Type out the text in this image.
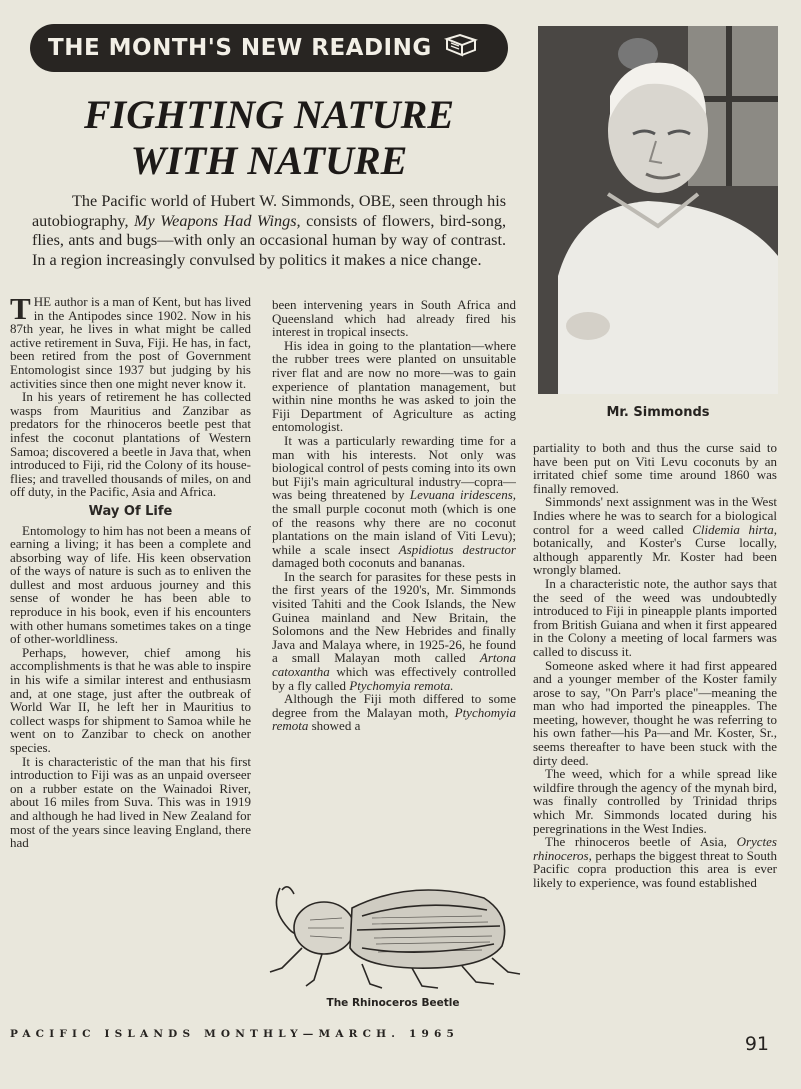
THE MONTH'S NEW READING
FIGHTING NATURE
WITH NATURE
The Pacific world of Hubert W. Simmonds, OBE, seen through his autobiography, My Weapons Had Wings, consists of flowers, bird-song, flies, ants and bugs—with only an occasional human by way of contrast. In a region increasingly convulsed by politics it makes a nice change.

THE author is a man of Kent, but has lived in the Antipodes since 1902. Now in his 87th year, he lives in what might be called active retirement in Suva, Fiji. He has, in fact, been retired from the post of Government Entomologist since 1937 but judging by his activities since then one might never know it.

In his years of retirement he has collected wasps from Mauritius and Zanzibar as predators for the rhinoceros beetle pest that infest the coconut plantations of Western Samoa; discovered a beetle in Java that, when introduced to Fiji, rid the Colony of its house-flies; and travelled thousands of miles, on and off duty, in the Pacific, Asia and Africa.

Way Of Life

Entomology to him has not been a means of earning a living; it has been a complete and absorbing way of life. His keen observation of the ways of nature is such as to enliven the dullest and most arduous journey and this sense of wonder he has been able to reproduce in his book, even if his encounters with other humans sometimes takes on a tinge of other-worldliness.

Perhaps, however, chief among his accomplishments is that he was able to inspire in his wife a similar interest and enthusiasm and, at one stage, just after the outbreak of World War II, he left her in Mauritius to collect wasps for shipment to Samoa while he went on to Zanzibar to check on another species.

It is characteristic of the man that his first introduction to Fiji was as an unpaid overseer on a rubber estate on the Wainadoi River, about 16 miles from Suva. This was in 1919 and although he had lived in New Zealand for most of the years since leaving England, there had

been intervening years in South Africa and Queensland which had already fired his interest in tropical insects.

His idea in going to the plantation—where the rubber trees were planted on unsuitable river flat and are now no more—was to gain experience of plantation management, but within nine months he was asked to join the Fiji Department of Agriculture as acting entomologist.

It was a particularly rewarding time for a man with his interests. Not only was biological control of pests coming into its own but Fiji's main agricultural industry—copra—was being threatened by Levuana iridescens, the small purple coconut moth (which is one of the reasons why there are no coconut plantations on the main island of Viti Levu); while a scale insect Aspidiotus destructor damaged both coconuts and bananas.

In the search for parasites for these pests in the first years of the 1920's, Mr. Simmonds visited Tahiti and the Cook Islands, the New Guinea mainland and New Britain, the Solomons and the New Hebrides and finally Java and Malaya where, in 1925-26, he found a small Malayan moth called Artona catoxantha which was effectively controlled by a fly called Ptychomyia remota.

Although the Fiji moth differed to some degree from the Malayan moth, Ptychomyia remota showed a

Mr. Simmonds

partiality to both and thus the curse said to have been put on Viti Levu coconuts by an irritated chief some time around 1860 was finally removed.

Simmonds' next assignment was in the West Indies where he was to search for a biological control for a weed called Clidemia hirta, botanically, and Koster's Curse locally, although apparently Mr. Koster had been wrongly blamed.

In a characteristic note, the author says that the seed of the weed was undoubtedly introduced to Fiji in pineapple plants imported from British Guiana and when it first appeared in the Colony a meeting of local farmers was called to discuss it.

Someone asked where it had first appeared and a younger member of the Koster family arose to say, "On Parr's place"—meaning the man who had imported the pineapples. The meeting, however, thought he was referring to his own father—his Pa—and Mr. Koster, Sr., seems thereafter to have been stuck with the dirty deed.

The weed, which for a while spread like wildfire through the agency of the mynah bird, was finally controlled by Trinidad thrips which Mr. Simmonds located during his peregrinations in the West Indies.

The rhinoceros beetle of Asia, Oryctes rhinoceros, perhaps the biggest threat to South Pacific copra production this area is ever likely to experience, was found established

The Rhinoceros Beetle
PACIFIC ISLANDS MONTHLY—MARCH. 1965	91
